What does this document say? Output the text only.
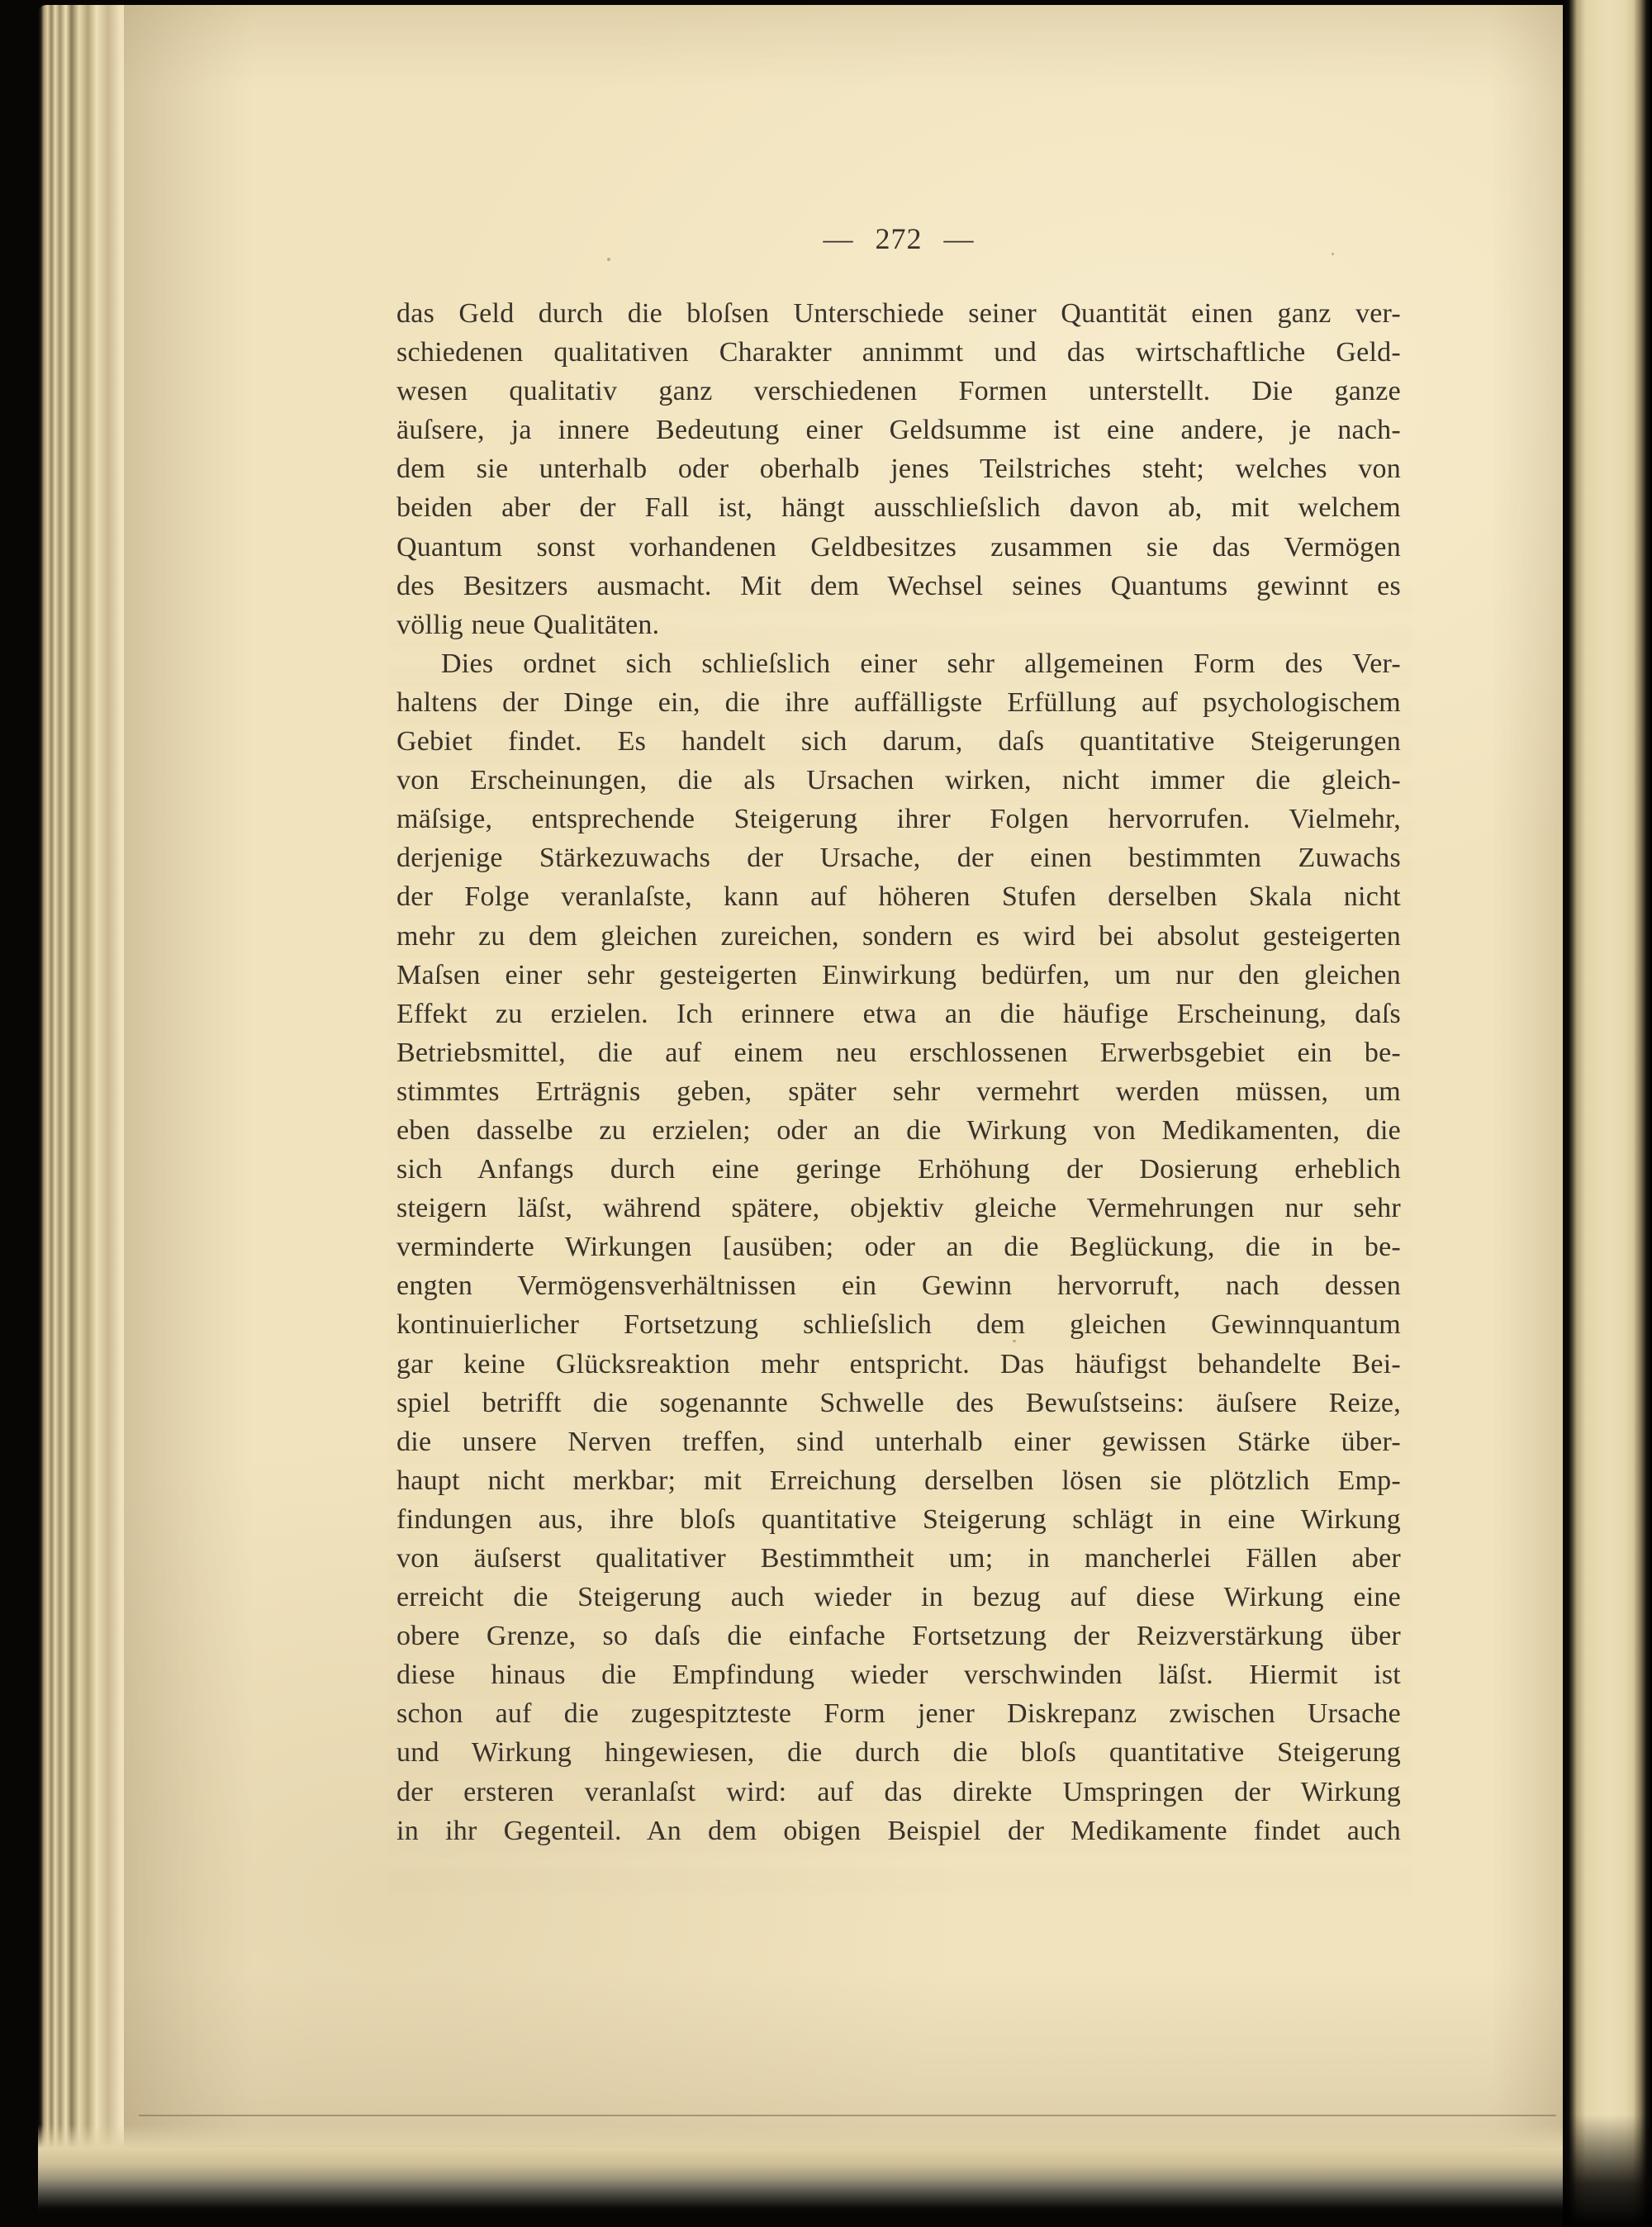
— 272 —
das Geld durch die bloſsen Unterschiede seiner Quantität einen ganz ver-
schiedenen qualitativen Charakter annimmt und das wirtschaftliche Geld-
wesen qualitativ ganz verschiedenen Formen unterstellt. Die ganze
äuſsere, ja innere Bedeutung einer Geldsumme ist eine andere, je nach-
dem sie unterhalb oder oberhalb jenes Teilstriches steht; welches von
beiden aber der Fall ist, hängt ausschlieſslich davon ab, mit welchem
Quantum sonst vorhandenen Geldbesitzes zusammen sie das Vermögen
des Besitzers ausmacht. Mit dem Wechsel seines Quantums gewinnt es
völlig neue Qualitäten.
Dies ordnet sich schlieſslich einer sehr allgemeinen Form des Ver-
haltens der Dinge ein, die ihre auffälligste Erfüllung auf psychologischem
Gebiet findet. Es handelt sich darum, daſs quantitative Steigerungen
von Erscheinungen, die als Ursachen wirken, nicht immer die gleich-
mäſsige, entsprechende Steigerung ihrer Folgen hervorrufen. Vielmehr,
derjenige Stärkezuwachs der Ursache, der einen bestimmten Zuwachs
der Folge veranlaſste, kann auf höheren Stufen derselben Skala nicht
mehr zu dem gleichen zureichen, sondern es wird bei absolut gesteigerten
Maſsen einer sehr gesteigerten Einwirkung bedürfen, um nur den gleichen
Effekt zu erzielen. Ich erinnere etwa an die häufige Erscheinung, daſs
Betriebsmittel, die auf einem neu erschlossenen Erwerbsgebiet ein be-
stimmtes Erträgnis geben, später sehr vermehrt werden müssen, um
eben dasselbe zu erzielen; oder an die Wirkung von Medikamenten, die
sich Anfangs durch eine geringe Erhöhung der Dosierung erheblich
steigern läſst, während spätere, objektiv gleiche Vermehrungen nur sehr
verminderte Wirkungen [ausüben; oder an die Beglückung, die in be-
engten Vermögensverhältnissen ein Gewinn hervorruft, nach dessen
kontinuierlicher Fortsetzung schlieſslich dem gleichen Gewinnquantum
gar keine Glücksreaktion mehr entspricht. Das häufigst behandelte Bei-
spiel betrifft die sogenannte Schwelle des Bewuſstseins: äuſsere Reize,
die unsere Nerven treffen, sind unterhalb einer gewissen Stärke über-
haupt nicht merkbar; mit Erreichung derselben lösen sie plötzlich Emp-
findungen aus, ihre bloſs quantitative Steigerung schlägt in eine Wirkung
von äuſserst qualitativer Bestimmtheit um; in mancherlei Fällen aber
erreicht die Steigerung auch wieder in bezug auf diese Wirkung eine
obere Grenze, so daſs die einfache Fortsetzung der Reizverstärkung über
diese hinaus die Empfindung wieder verschwinden läſst. Hiermit ist
schon auf die zugespitzteste Form jener Diskrepanz zwischen Ursache
und Wirkung hingewiesen, die durch die bloſs quantitative Steigerung
der ersteren veranlaſst wird: auf das direkte Umspringen der Wirkung
in ihr Gegenteil. An dem obigen Beispiel der Medikamente findet auch
